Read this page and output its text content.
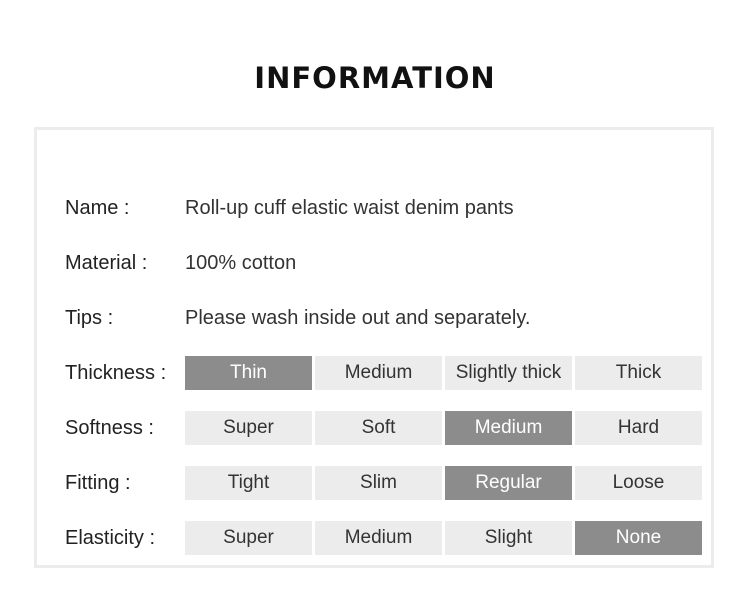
INFORMATION
Name :	Roll-up cuff elastic waist denim pants
Material : 100% cotton
Tips :	Please wash inside out and separately.
Thickness :	Thin	Medium	Slightly thick	Thick
Softness :	Super	Soft	Medium	Hard
Fitting :	Tight	Slim	Regular	Loose
Elasticity :	Super	Medium	Slight	None
